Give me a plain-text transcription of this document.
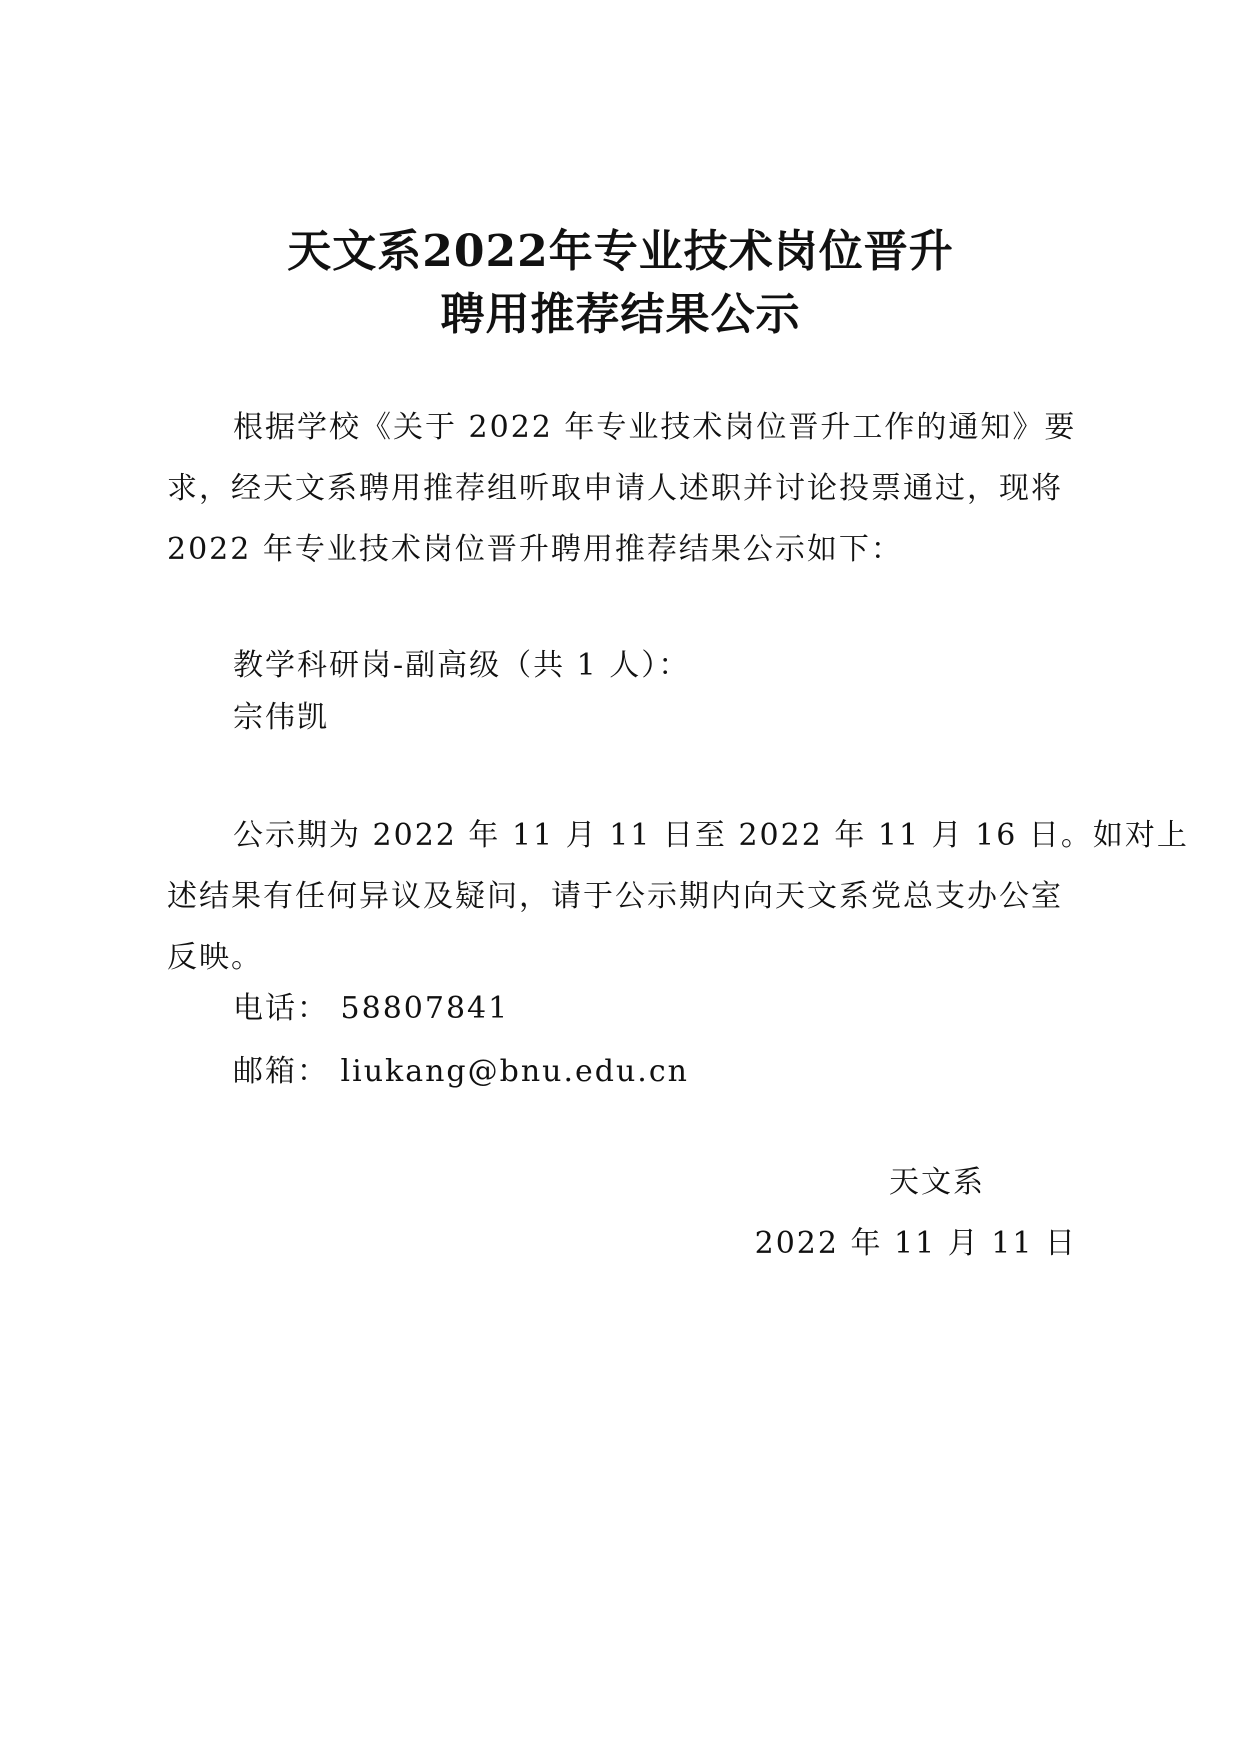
天文系2022年专业技术岗位晋升
聘用推荐结果公示
根据学校《关于 2022 年专业技术岗位晋升工作的通知》要
求，经天文系聘用推荐组听取申请人述职并讨论投票通过，现将
2022 年专业技术岗位晋升聘用推荐结果公示如下：
教学科研岗-副高级（共 1 人）：
宗伟凯
公示期为 2022 年 11 月 11 日至 2022 年 11 月 16 日。如对上
述结果有任何异议及疑问，请于公示期内向天文系党总支办公室
反映。
电话： 58807841
邮箱： liukang@bnu.edu.cn
天文系
2022 年 11 月 11 日
